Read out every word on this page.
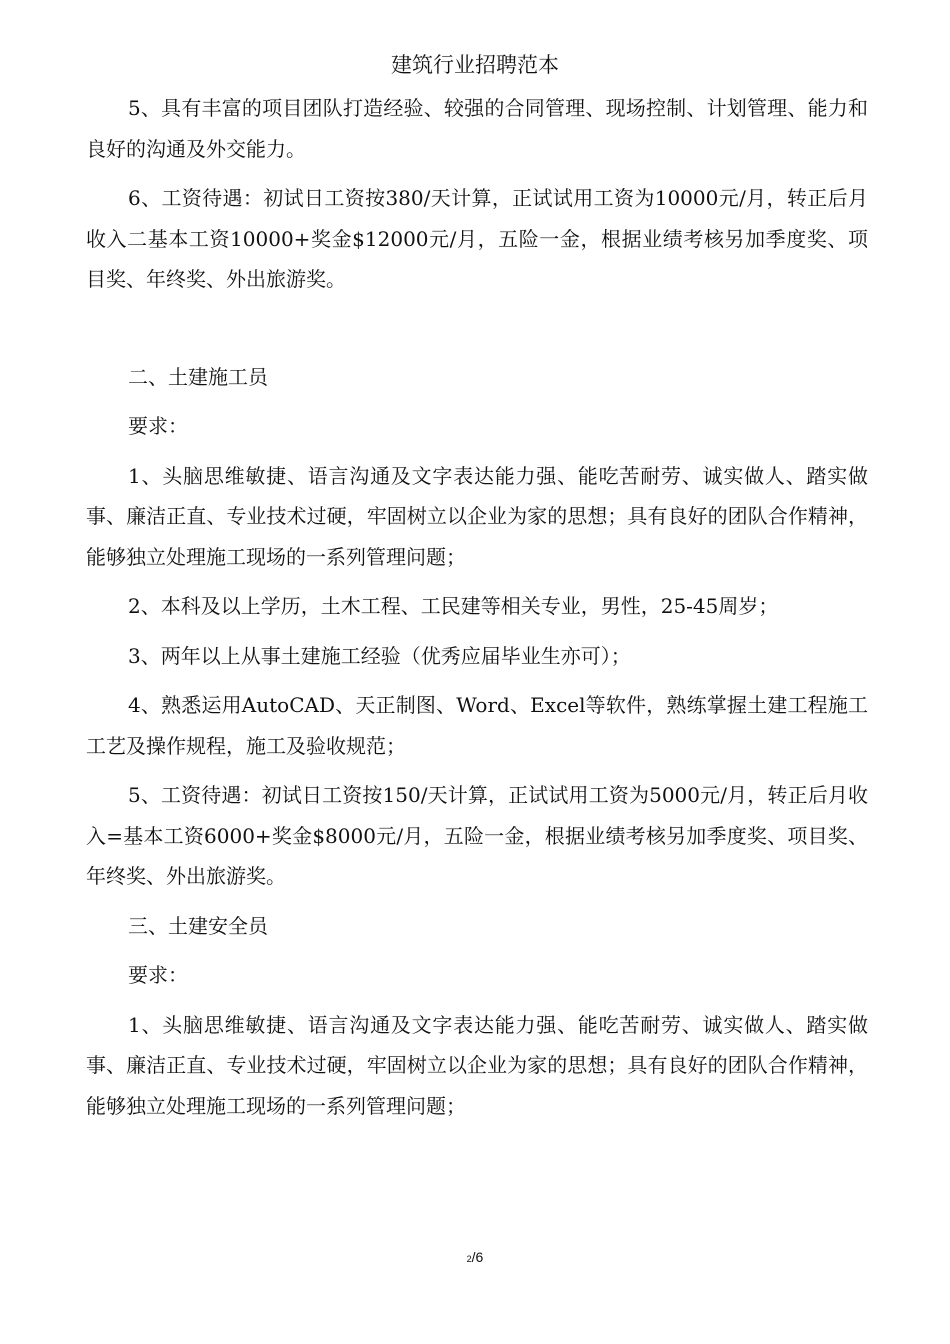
建筑行业招聘范本

5、具有丰富的项目团队打造经验、较强的合同管理、现场控制、计划管理、能力和良好的沟通及外交能力。

6、工资待遇：初试日工资按380/天计算，正试试用工资为10000元/月，转正后月收入二基本工资10000+奖金$12000元/月，五险一金，根据业绩考核另加季度奖、项目奖、年终奖、外出旅游奖。

二、土建施工员

要求：

1、头脑思维敏捷、语言沟通及文字表达能力强、能吃苦耐劳、诚实做人、踏实做事、廉洁正直、专业技术过硬，牢固树立以企业为家的思想；具有良好的团队合作精神，能够独立处理施工现场的一系列管理问题；

2、本科及以上学历，土木工程、工民建等相关专业，男性，25-45周岁；

3、两年以上从事土建施工经验（优秀应届毕业生亦可）；

4、熟悉运用AutoCAD、天正制图、Word、Excel等软件，熟练掌握土建工程施工工艺及操作规程，施工及验收规范；

5、工资待遇：初试日工资按150/天计算，正试试用工资为5000元/月，转正后月收入=基本工资6000+奖金$8000元/月，五险一金，根据业绩考核另加季度奖、项目奖、年终奖、外出旅游奖。

三、土建安全员

要求：

1、头脑思维敏捷、语言沟通及文字表达能力强、能吃苦耐劳、诚实做人、踏实做事、廉洁正直、专业技术过硬，牢固树立以企业为家的思想；具有良好的团队合作精神，能够独立处理施工现场的一系列管理问题；

2/6
